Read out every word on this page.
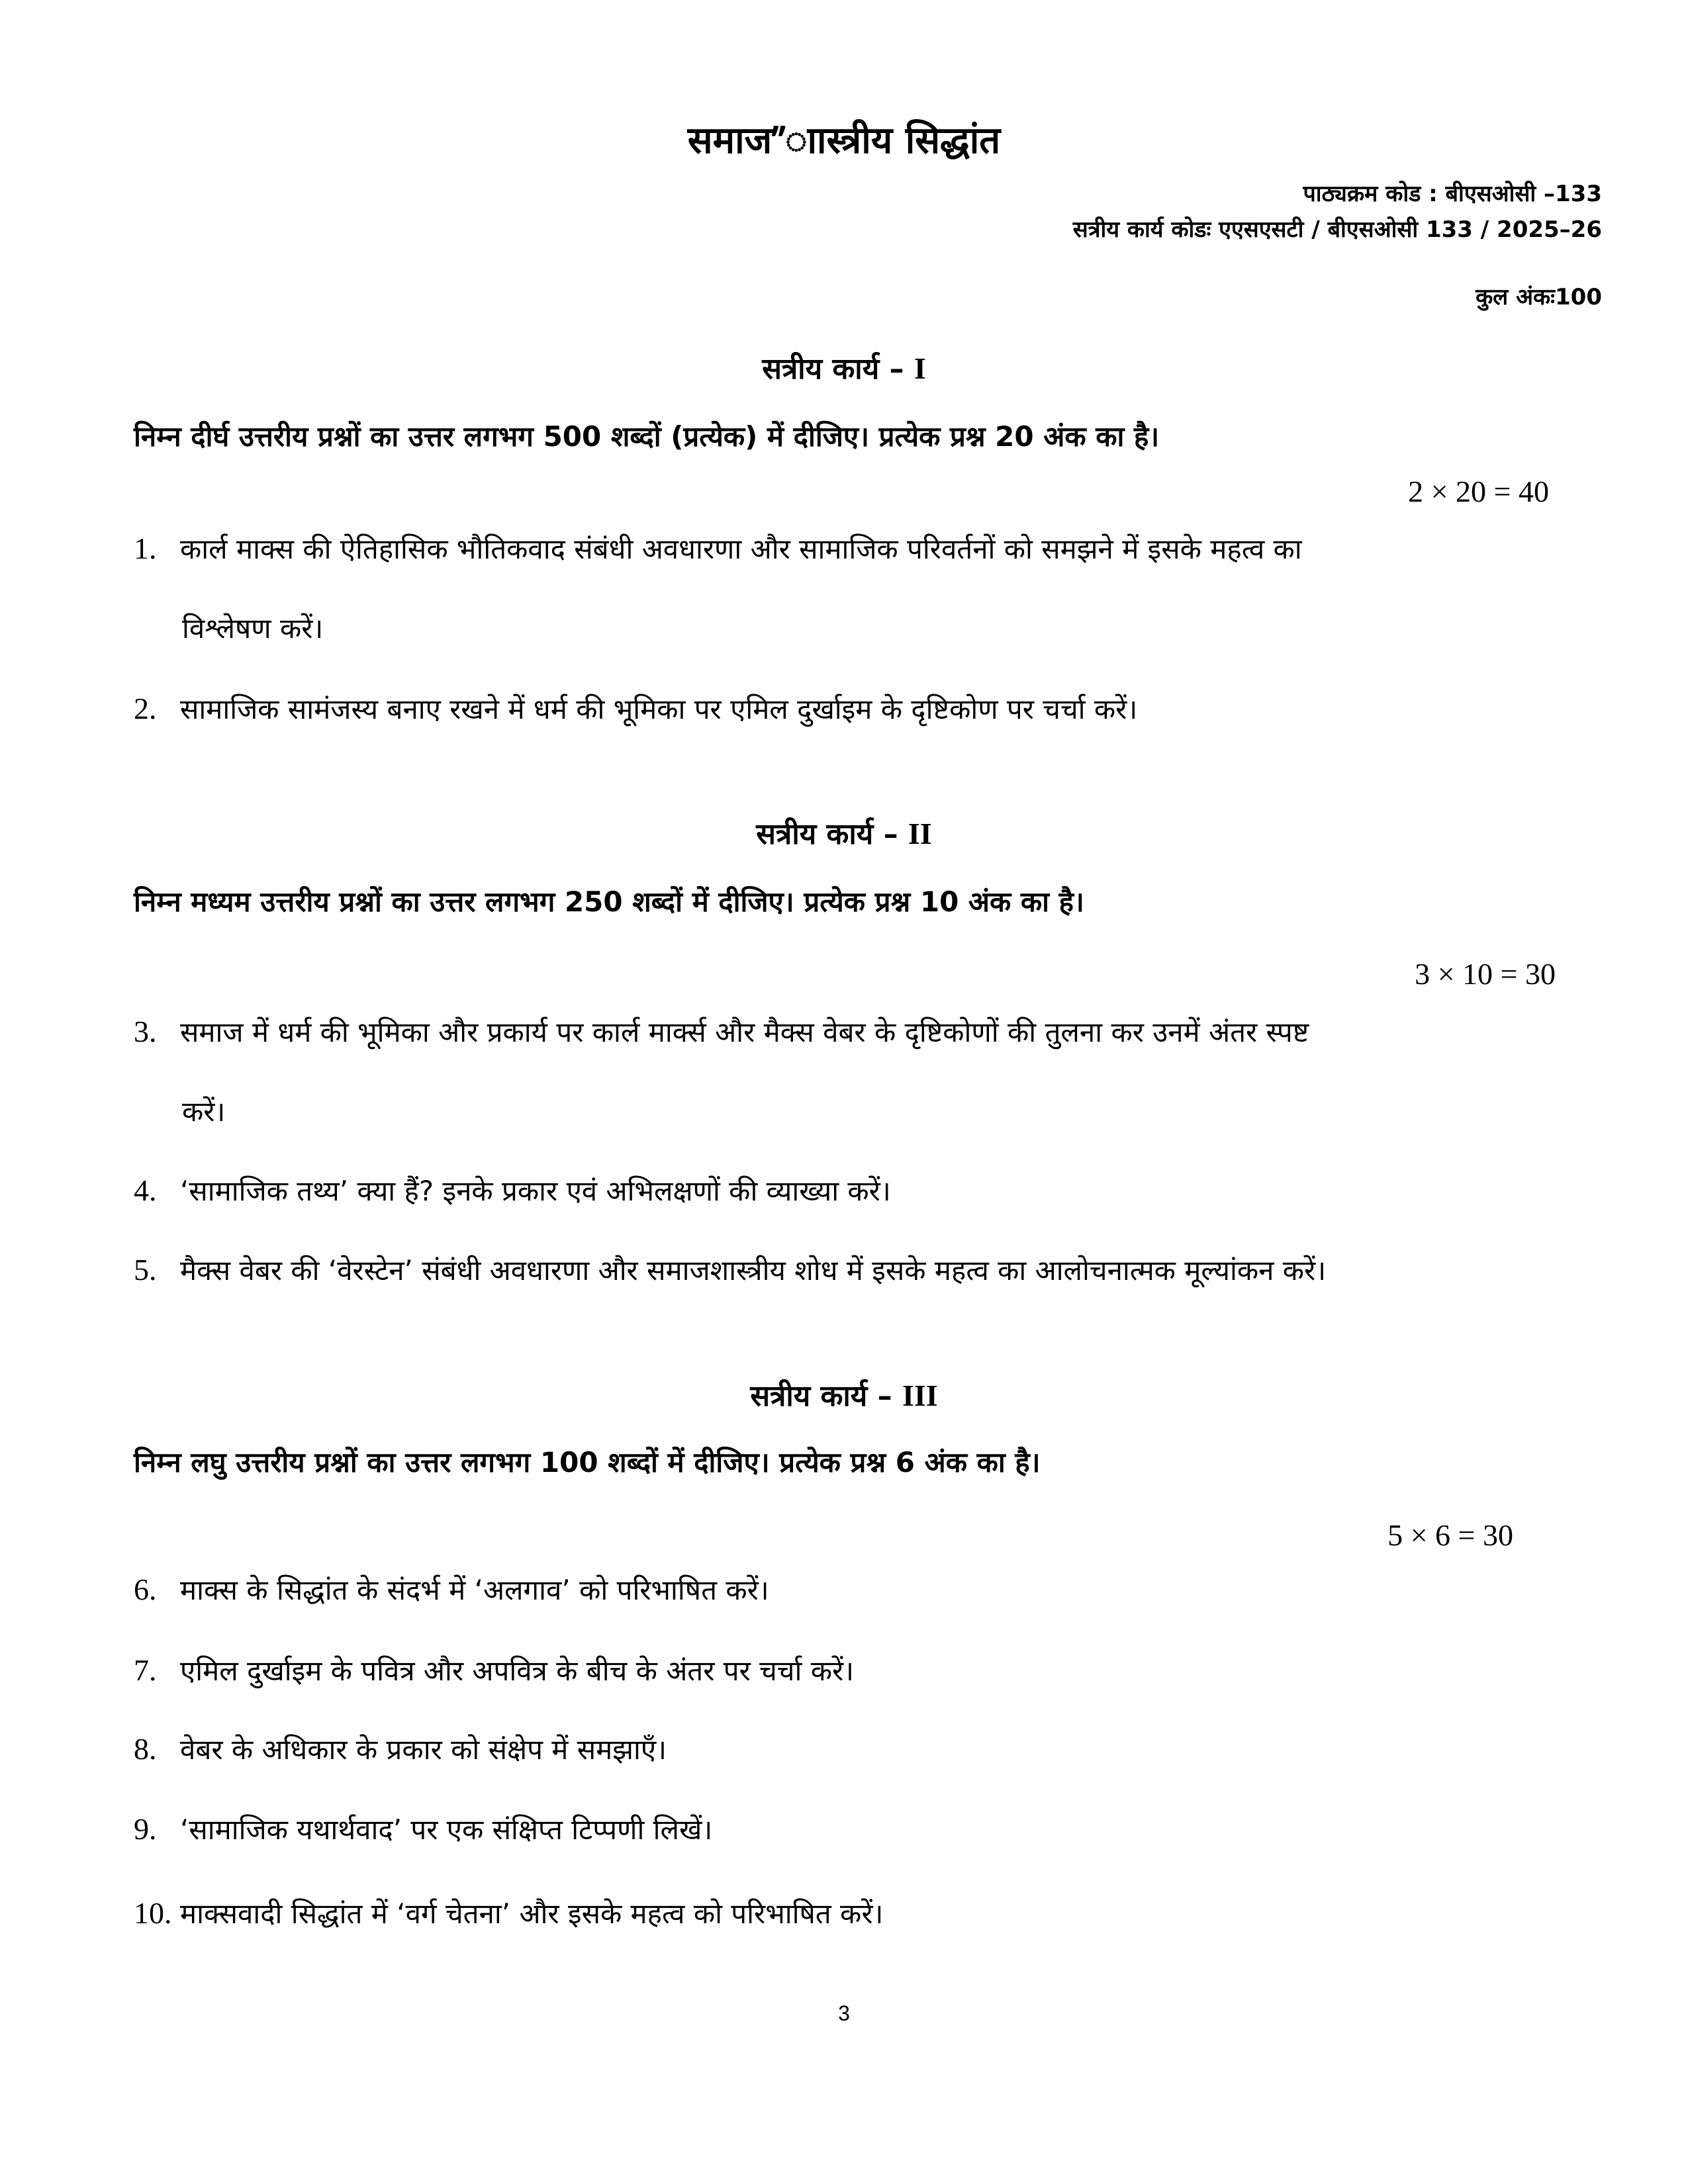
समाज”ाास्त्रीय सिद्धांत
पाठ्यक्रम कोड : बीएसओसी –133
सत्रीय कार्य कोडः एएसएसटी / बीएसओसी 133 / 2025–26
कुल अंकः100
सत्रीय कार्य – I
निम्न दीर्घ उत्तरीय प्रश्नों का उत्तर लगभग 500 शब्दों (प्रत्येक) में दीजिए। प्रत्येक प्रश्न 20 अंक का है।
2 × 20 = 40
1. कार्ल माक्स की ऐतिहासिक भौतिकवाद संबंधी अवधारणा और सामाजिक परिवर्तनों को समझने में इसके महत्व का
विश्लेषण करें।
2. सामाजिक सामंजस्य बनाए रखने में धर्म की भूमिका पर एमिल दुर्खाइम के दृष्टिकोण पर चर्चा करें।
सत्रीय कार्य – II
निम्न मध्यम उत्तरीय प्रश्नों का उत्तर लगभग 250 शब्दों में दीजिए। प्रत्येक प्रश्न 10 अंक का है।
3 × 10 = 30
3. समाज में धर्म की भूमिका और प्रकार्य पर कार्ल मार्क्स और मैक्स वेबर के दृष्टिकोणों की तुलना कर उनमें अंतर स्पष्ट
करें।
4. ‘सामाजिक तथ्य’ क्या हैं? इनके प्रकार एवं अभिलक्षणों की व्याख्या करें।
5. मैक्स वेबर की ‘वेरस्टेन’ संबंधी अवधारणा और समाजशास्त्रीय शोध में इसके महत्व का आलोचनात्मक मूल्यांकन करें।
सत्रीय कार्य – III
निम्न लघु उत्तरीय प्रश्नों का उत्तर लगभग 100 शब्दों में दीजिए। प्रत्येक प्रश्न 6 अंक का है।
5 × 6 = 30
6. माक्स के सिद्धांत के संदर्भ में ‘अलगाव’ को परिभाषित करें।
7. एमिल दुर्खाइम के पवित्र और अपवित्र के बीच के अंतर पर चर्चा करें।
8. वेबर के अधिकार के प्रकार को संक्षेप में समझाएँ।
9. ‘सामाजिक यथार्थवाद’ पर एक संक्षिप्त टिप्पणी लिखें।
10. माक्सवादी सिद्धांत में ‘वर्ग चेतना’ और इसके महत्व को परिभाषित करें।
3
